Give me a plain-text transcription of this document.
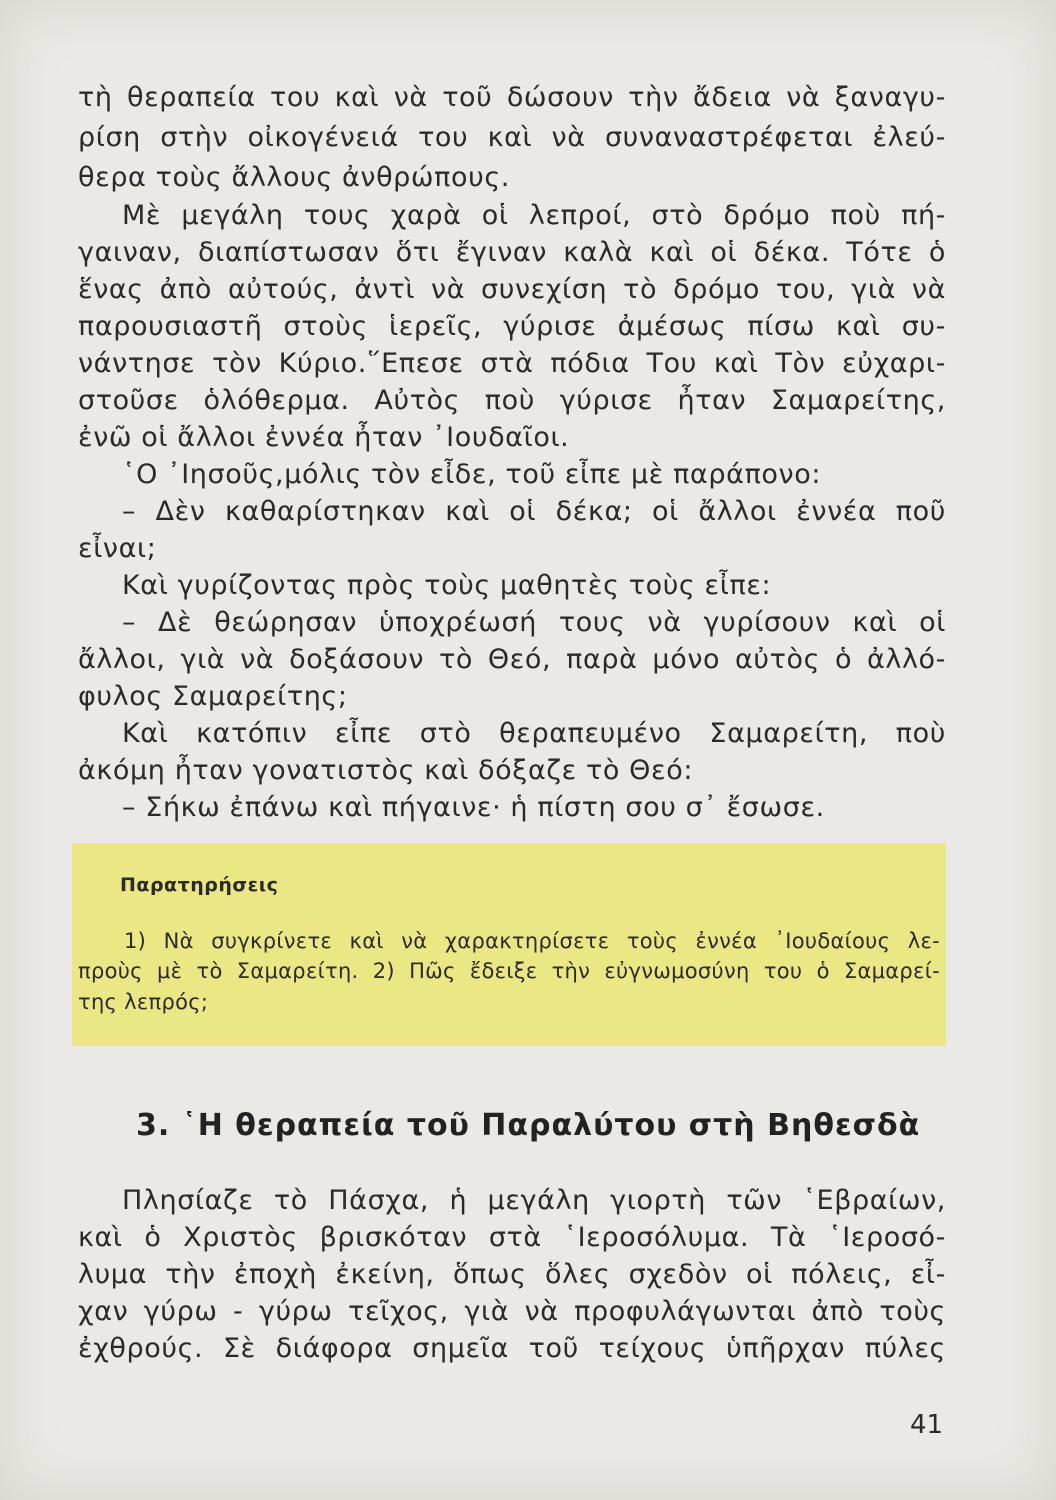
τὴ θεραπεία του καὶ νὰ τοῦ δώσουν τὴν ἄδεια νὰ ξαναγυ-
ρίση στὴν οἰκογένειά του καὶ νὰ συναναστρέφεται ἐλεύ-
θερα τοὺς ἄλλους ἀνθρώπους.
Μὲ μεγάλη τους χαρὰ οἱ λεπροί, στὸ δρόμο ποὺ πή-
γαιναν, διαπίστωσαν ὅτι ἔγιναν καλὰ καὶ οἱ δέκα. Τότε ὁ
ἕνας ἀπὸ αὐτούς, ἀντὶ νὰ συνεχίση τὸ δρόμο του, γιὰ νὰ
παρουσιαστῆ στοὺς ἱερεῖς, γύρισε ἀμέσως πίσω καὶ συ-
νάντησε τὸν Κύριο.῞Επεσε στὰ πόδια Του καὶ Τὸν εὐχαρι-
στοῦσε ὁλόθερμα. Αὐτὸς ποὺ γύρισε ἦταν Σαμαρείτης,
ἐνῶ οἱ ἄλλοι ἐννέα ἦταν ᾿Ιουδαῖοι.
῾Ο ᾿Ιησοῦς,μόλις τὸν εἶδε, τοῦ εἶπε μὲ παράπονο:
– Δὲν καθαρίστηκαν καὶ οἱ δέκα; οἱ ἄλλοι ἐννέα ποῦ
εἶναι;
Καὶ γυρίζοντας πρὸς τοὺς μαθητὲς τοὺς εἶπε:
– Δὲ θεώρησαν ὑποχρέωσή τους νὰ γυρίσουν καὶ οἱ
ἄλλοι, γιὰ νὰ δοξάσουν τὸ Θεό, παρὰ μόνο αὐτὸς ὁ ἀλλό-
φυλος Σαμαρείτης;
Καὶ κατόπιν εἶπε στὸ θεραπευμένο Σαμαρείτη, ποὺ
ἀκόμη ἦταν γονατιστὸς καὶ δόξαζε τὸ Θεό:
– Σήκω ἐπάνω καὶ πήγαινε· ἡ πίστη σου σ᾿ ἔσωσε.
Παρατηρήσεις
1) Νὰ συγκρίνετε καὶ νὰ χαρακτηρίσετε τοὺς ἐννέα ᾿Ιουδαίους λε-
προὺς μὲ τὸ Σαμαρείτη. 2) Πῶς ἔδειξε τὴν εὐγνωμοσύνη του ὁ Σαμαρεί-
της λεπρός;
3. ῾Η θεραπεία τοῦ Παραλύτου στὴ Βηθεσδὰ
Πλησίαζε τὸ Πάσχα, ἡ μεγάλη γιορτὴ τῶν ῾Εβραίων,
καὶ ὁ Χριστὸς βρισκόταν στὰ ῾Ιεροσόλυμα. Τὰ ῾Ιεροσό-
λυμα τὴν ἐποχὴ ἐκείνη, ὅπως ὅλες σχεδὸν οἱ πόλεις, εἶ-
χαν γύρω - γύρω τεῖχος, γιὰ νὰ προφυλάγωνται ἀπὸ τοὺς
ἐχθρούς. Σὲ διάφορα σημεῖα τοῦ τείχους ὑπῆρχαν πύλες
41
